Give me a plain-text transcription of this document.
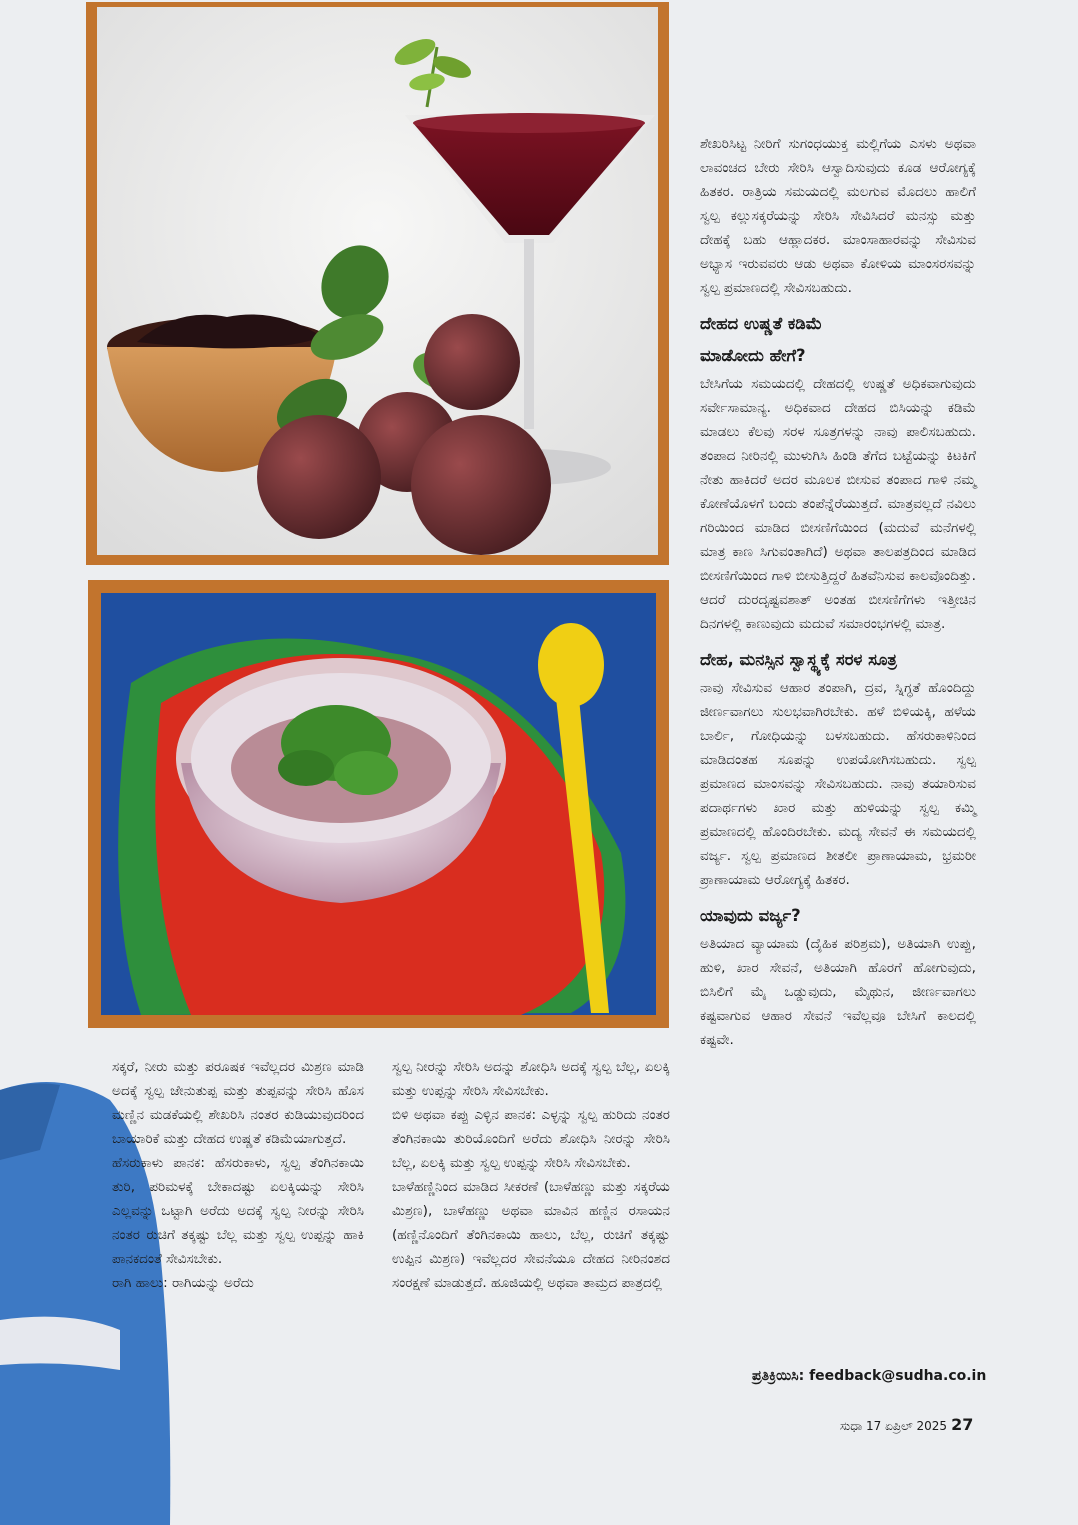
ಶೇಖರಿಸಿಟ್ಟ ನೀರಿಗೆ ಸುಗಂಧಯುಕ್ತ ಮಲ್ಲಿಗೆಯ ಎಸಳು ಅಥವಾ ಲಾವಂಚದ ಬೇರು ಸೇರಿಸಿ ಆಸ್ವಾದಿಸುವುದು ಕೂಡ ಆರೋಗ್ಯಕ್ಕೆ ಹಿತಕರ. ರಾತ್ರಿಯ ಸಮಯದಲ್ಲಿ ಮಲಗುವ ಮೊದಲು ಹಾಲಿಗೆ ಸ್ವಲ್ಪ ಕಲ್ಲುಸಕ್ಕರೆಯನ್ನು ಸೇರಿಸಿ ಸೇವಿಸಿದರೆ ಮನಸ್ಸು ಮತ್ತು ದೇಹಕ್ಕೆ ಬಹು ಆಹ್ಲಾದಕರ. ಮಾಂಸಾಹಾರವನ್ನು ಸೇವಿಸುವ ಅಭ್ಯಾಸ ಇರುವವರು ಆಡು ಅಥವಾ ಕೋಳಿಯ ಮಾಂಸರಸವನ್ನು ಸ್ವಲ್ಪ ಪ್ರಮಾಣದಲ್ಲಿ ಸೇವಿಸಬಹುದು.

ದೇಹದ ಉಷ್ಣತೆ ಕಡಿಮೆ
ಮಾಡೋದು ಹೇಗೆ?

ಬೇಸಿಗೆಯ ಸಮಯದಲ್ಲಿ ದೇಹದಲ್ಲಿ ಉಷ್ಣತೆ ಅಧಿಕವಾಗುವುದು ಸರ್ವೇಸಾಮಾನ್ಯ. ಅಧಿಕವಾದ ದೇಹದ ಬಿಸಿಯನ್ನು ಕಡಿಮೆ ಮಾಡಲು ಕೆಲವು ಸರಳ ಸೂತ್ರಗಳನ್ನು ನಾವು ಪಾಲಿಸಬಹುದು. ತಂಪಾದ ನೀರಿನಲ್ಲಿ ಮುಳುಗಿಸಿ ಹಿಂಡಿ ತೆಗೆದ ಬಟ್ಟೆಯನ್ನು ಕಿಟಕಿಗೆ ನೇತು ಹಾಕಿದರೆ ಅದರ ಮೂಲಕ ಬೀಸುವ ತಂಪಾದ ಗಾಳಿ ನಮ್ಮ ಕೋಣೆಯೊಳಗೆ ಬಂದು ತಂಪೆನ್ನೆರೆಯುತ್ತದೆ. ಮಾತ್ರವಲ್ಲದೆ ನವಿಲು ಗರಿಯಿಂದ ಮಾಡಿದ ಬೀಸಣಿಗೆಯಿಂದ (ಮದುವೆ ಮನೆಗಳಲ್ಲಿ ಮಾತ್ರ ಕಾಣ ಸಿಗುವಂತಾಗಿದೆ) ಅಥವಾ ತಾಲಪತ್ರದಿಂದ ಮಾಡಿದ ಬೀಸಣಿಗೆಯಿಂದ ಗಾಳಿ ಬೀಸುತ್ತಿದ್ದರೆ ಹಿತವೆನಿಸುವ ಕಾಲವೊಂದಿತ್ತು. ಆದರೆ ದುರದೃಷ್ಟವಶಾತ್ ಅಂತಹ ಬೀಸಣಿಗೆಗಳು ಇತ್ತೀಚಿನ ದಿನಗಳಲ್ಲಿ ಕಾಣುವುದು ಮದುವೆ ಸಮಾರಂಭಗಳಲ್ಲಿ ಮಾತ್ರ.

ದೇಹ, ಮನಸ್ಸಿನ ಸ್ವಾಸ್ಥ್ಯಕ್ಕೆ ಸರಳ ಸೂತ್ರ

ನಾವು ಸೇವಿಸುವ ಆಹಾರ ತಂಪಾಗಿ, ದ್ರವ, ಸ್ನಿಗ್ಧತೆ ಹೊಂದಿದ್ದು ಜೀರ್ಣವಾಗಲು ಸುಲಭವಾಗಿರಬೇಕು. ಹಳೆ ಬಿಳಿಯಕ್ಕಿ, ಹಳೆಯ ಬಾರ್ಲಿ, ಗೋಧಿಯನ್ನು ಬಳಸಬಹುದು. ಹೆಸರುಕಾಳಿನಿಂದ ಮಾಡಿದಂತಹ ಸೂಪನ್ನು ಉಪಯೋಗಿಸಬಹುದು. ಸ್ವಲ್ಪ ಪ್ರಮಾಣದ ಮಾಂಸವನ್ನು ಸೇವಿಸಬಹುದು. ನಾವು ತಯಾರಿಸುವ ಪದಾರ್ಥಗಳು ಖಾರ ಮತ್ತು ಹುಳಿಯನ್ನು ಸ್ವಲ್ಪ ಕಮ್ಮಿ ಪ್ರಮಾಣದಲ್ಲಿ ಹೊಂದಿರಬೇಕು. ಮದ್ಯ ಸೇವನೆ ಈ ಸಮಯದಲ್ಲಿ ವರ್ಜ್ಯ. ಸ್ವಲ್ಪ ಪ್ರಮಾಣದ ಶೀತಲೀ ಪ್ರಾಣಾಯಾಮ, ಭ್ರಮರೀ ಪ್ರಾಣಾಯಾಮ ಆರೋಗ್ಯಕ್ಕೆ ಹಿತಕರ.

ಯಾವುದು ವರ್ಜ್ಯ?

ಅತಿಯಾದ ವ್ಯಾಯಾಮ (ದೈಹಿಕ ಪರಿಶ್ರಮ), ಅತಿಯಾಗಿ ಉಪ್ಪು, ಹುಳಿ, ಖಾರ ಸೇವನೆ, ಅತಿಯಾಗಿ ಹೊರಗೆ ಹೋಗುವುದು, ಬಿಸಿಲಿಗೆ ಮೈ ಒಡ್ಡುವುದು, ಮೈಥುನ, ಜೀರ್ಣವಾಗಲು ಕಷ್ಟವಾಗುವ ಆಹಾರ ಸೇವನೆ ಇವೆಲ್ಲವೂ ಬೇಸಿಗೆ ಕಾಲದಲ್ಲಿ ಕಷ್ಟವೇ.

ಸಕ್ಕರೆ, ನೀರು ಮತ್ತು ಪರೂಷಕ ಇವೆಲ್ಲದರ ಮಿಶ್ರಣ ಮಾಡಿ ಅದಕ್ಕೆ ಸ್ವಲ್ಪ ಜೇನುತುಪ್ಪ ಮತ್ತು ತುಪ್ಪವನ್ನು ಸೇರಿಸಿ ಹೊಸ ಮಣ್ಣಿನ ಮಡಕೆಯಲ್ಲಿ ಶೇಖರಿಸಿ ನಂತರ ಕುಡಿಯುವುದರಿಂದ ಬಾಯಾರಿಕೆ ಮತ್ತು ದೇಹದ ಉಷ್ಣತೆ ಕಡಿಮೆಯಾಗುತ್ತದೆ.

ಹೆಸರುಕಾಳು ಪಾನಕ: ಹೆಸರುಕಾಳು, ಸ್ವಲ್ಪ ತೆಂಗಿನಕಾಯಿ ತುರಿ, ಪರಿಮಳಕ್ಕೆ ಬೇಕಾದಷ್ಟು ಏಲಕ್ಕಿಯನ್ನು ಸೇರಿಸಿ ಎಲ್ಲವನ್ನು ಒಟ್ಟಾಗಿ ಅರೆದು ಅದಕ್ಕೆ ಸ್ವಲ್ಪ ನೀರನ್ನು ಸೇರಿಸಿ ನಂತರ ರುಚಿಗೆ ತಕ್ಕಷ್ಟು ಬೆಲ್ಲ ಮತ್ತು ಸ್ವಲ್ಪ ಉಪ್ಪನ್ನು ಹಾಕಿ ಪಾನಕದಂತೆ ಸೇವಿಸಬೇಕು.

ರಾಗಿ ಹಾಲು: ರಾಗಿಯನ್ನು ಅರೆದು

ಸ್ವಲ್ಪ ನೀರನ್ನು ಸೇರಿಸಿ ಅದನ್ನು ಶೋಧಿಸಿ ಅದಕ್ಕೆ ಸ್ವಲ್ಪ ಬೆಲ್ಲ, ಏಲಕ್ಕಿ ಮತ್ತು ಉಪ್ಪನ್ನು ಸೇರಿಸಿ ಸೇವಿಸಬೇಕು.

ಬಿಳಿ ಅಥವಾ ಕಪ್ಪು ಎಳ್ಳಿನ ಪಾನಕ: ಎಳ್ಳನ್ನು ಸ್ವಲ್ಪ ಹುರಿದು ನಂತರ ತೆಂಗಿನಕಾಯಿ ತುರಿಯೊಂದಿಗೆ ಅರೆದು ಶೋಧಿಸಿ ನೀರನ್ನು ಸೇರಿಸಿ ಬೆಲ್ಲ, ಏಲಕ್ಕಿ ಮತ್ತು ಸ್ವಲ್ಪ ಉಪ್ಪನ್ನು ಸೇರಿಸಿ ಸೇವಿಸಬೇಕು.

ಬಾಳೆಹಣ್ಣಿನಿಂದ ಮಾಡಿದ ಸೀಕರಣೆ (ಬಾಳೆಹಣ್ಣು ಮತ್ತು ಸಕ್ಕರೆಯ ಮಿಶ್ರಣ), ಬಾಳೆಹಣ್ಣು ಅಥವಾ ಮಾವಿನ ಹಣ್ಣಿನ ರಸಾಯನ (ಹಣ್ಣಿನೊಂದಿಗೆ ತೆಂಗಿನಕಾಯಿ ಹಾಲು, ಬೆಲ್ಲ, ರುಚಿಗೆ ತಕ್ಕಷ್ಟು ಉಪ್ಪಿನ ಮಿಶ್ರಣ) ಇವೆಲ್ಲದರ ಸೇವನೆಯೂ ದೇಹದ ನೀರಿನಂಶದ ಸಂರಕ್ಷಣೆ ಮಾಡುತ್ತದೆ. ಹೂಜಿಯಲ್ಲಿ ಅಥವಾ ತಾಮ್ರದ ಪಾತ್ರದಲ್ಲಿ

ಪ್ರತಿಕ್ರಿಯಿಸಿ: feedback@sudha.co.in
ಸುಧಾ 17 ಏಪ್ರಿಲ್ 2025 27
